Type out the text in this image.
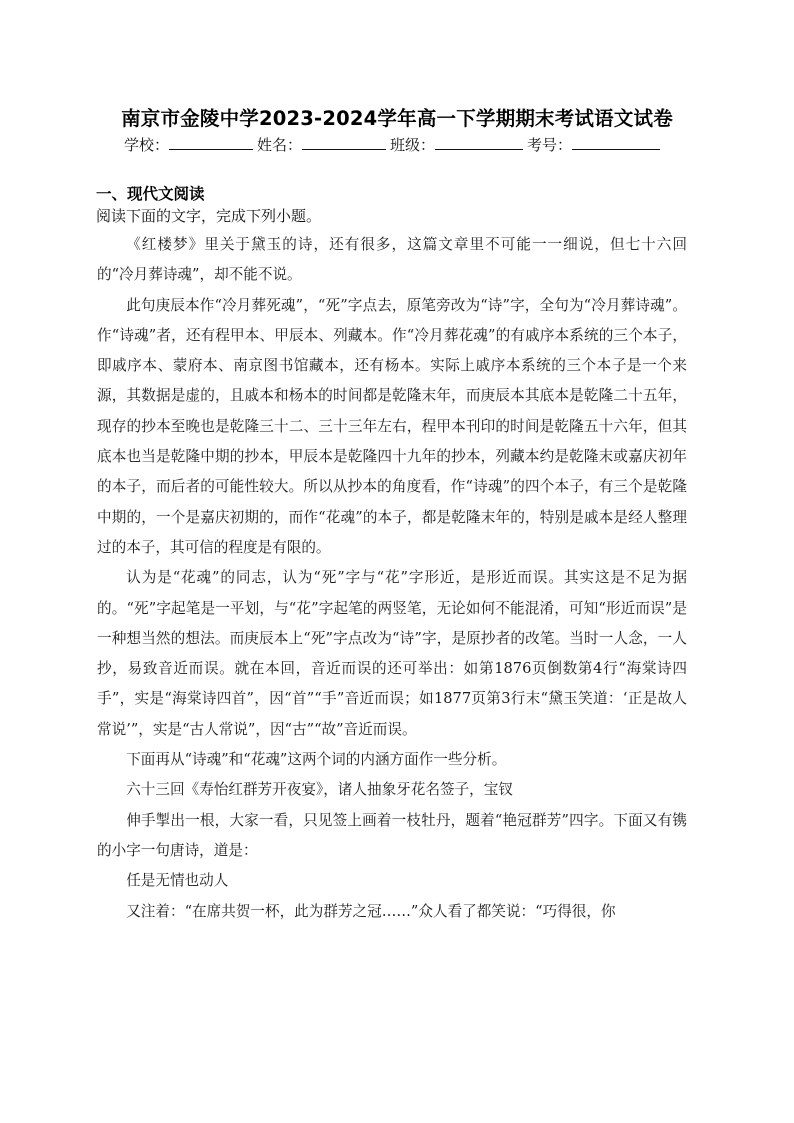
南京市金陵中学2023-2024学年高一下学期期末考试语文试卷
学校：	姓名：	班级：	考号：
一、现代文阅读
阅读下面的文字，完成下列小题。

《红楼梦》里关于黛玉的诗，还有很多，这篇文章里不可能一一细说，但七十六回的“冷月葬诗魂”，却不能不说。

此句庚辰本作“冷月葬死魂”，“死”字点去，原笔旁改为“诗”字，全句为“冷月葬诗魂”。作“诗魂”者，还有程甲本、甲辰本、列藏本。作“冷月葬花魂”的有戚序本系统的三个本子，即戚序本、蒙府本、南京图书馆藏本，还有杨本。实际上戚序本系统的三个本子是一个来源，其数据是虚的，且戚本和杨本的时间都是乾隆末年，而庚辰本其底本是乾隆二十五年，现存的抄本至晚也是乾隆三十二、三十三年左右，程甲本刊印的时间是乾隆五十六年，但其底本也当是乾隆中期的抄本，甲辰本是乾隆四十九年的抄本，列藏本约是乾隆末或嘉庆初年的本子，而后者的可能性较大。所以从抄本的角度看，作“诗魂”的四个本子，有三个是乾隆中期的，一个是嘉庆初期的，而作“花魂”的本子，都是乾隆末年的，特别是戚本是经人整理过的本子，其可信的程度是有限的。

认为是“花魂”的同志，认为“死”字与“花”字形近，是形近而误。其实这是不足为据的。“死”字起笔是一平划，与“花”字起笔的两竖笔，无论如何不能混淆，可知“形近而误”是一种想当然的想法。而庚辰本上“死”字点改为“诗”字，是原抄者的改笔。当时一人念，一人抄，易致音近而误。就在本回，音近而误的还可举出：如第1876页倒数第4行“海棠诗四手”，实是“海棠诗四首”，因“首”“手”音近而误；如1877页第3行末“黛玉笑道：‘正是故人常说’”，实是“古人常说”，因“古”“故”音近而误。

下面再从“诗魂”和“花魂”这两个词的内涵方面作一些分析。

六十三回《寿怡红群芳开夜宴》，诸人抽象牙花名签子，宝钗

伸手掣出一根，大家一看，只见签上画着一枝牡丹，题着“艳冠群芳”四字。下面又有镌的小字一句唐诗，道是：

任是无情也动人

又注着：“在席共贺一杯，此为群芳之冠……”众人看了都笑说：“巧得很，你
